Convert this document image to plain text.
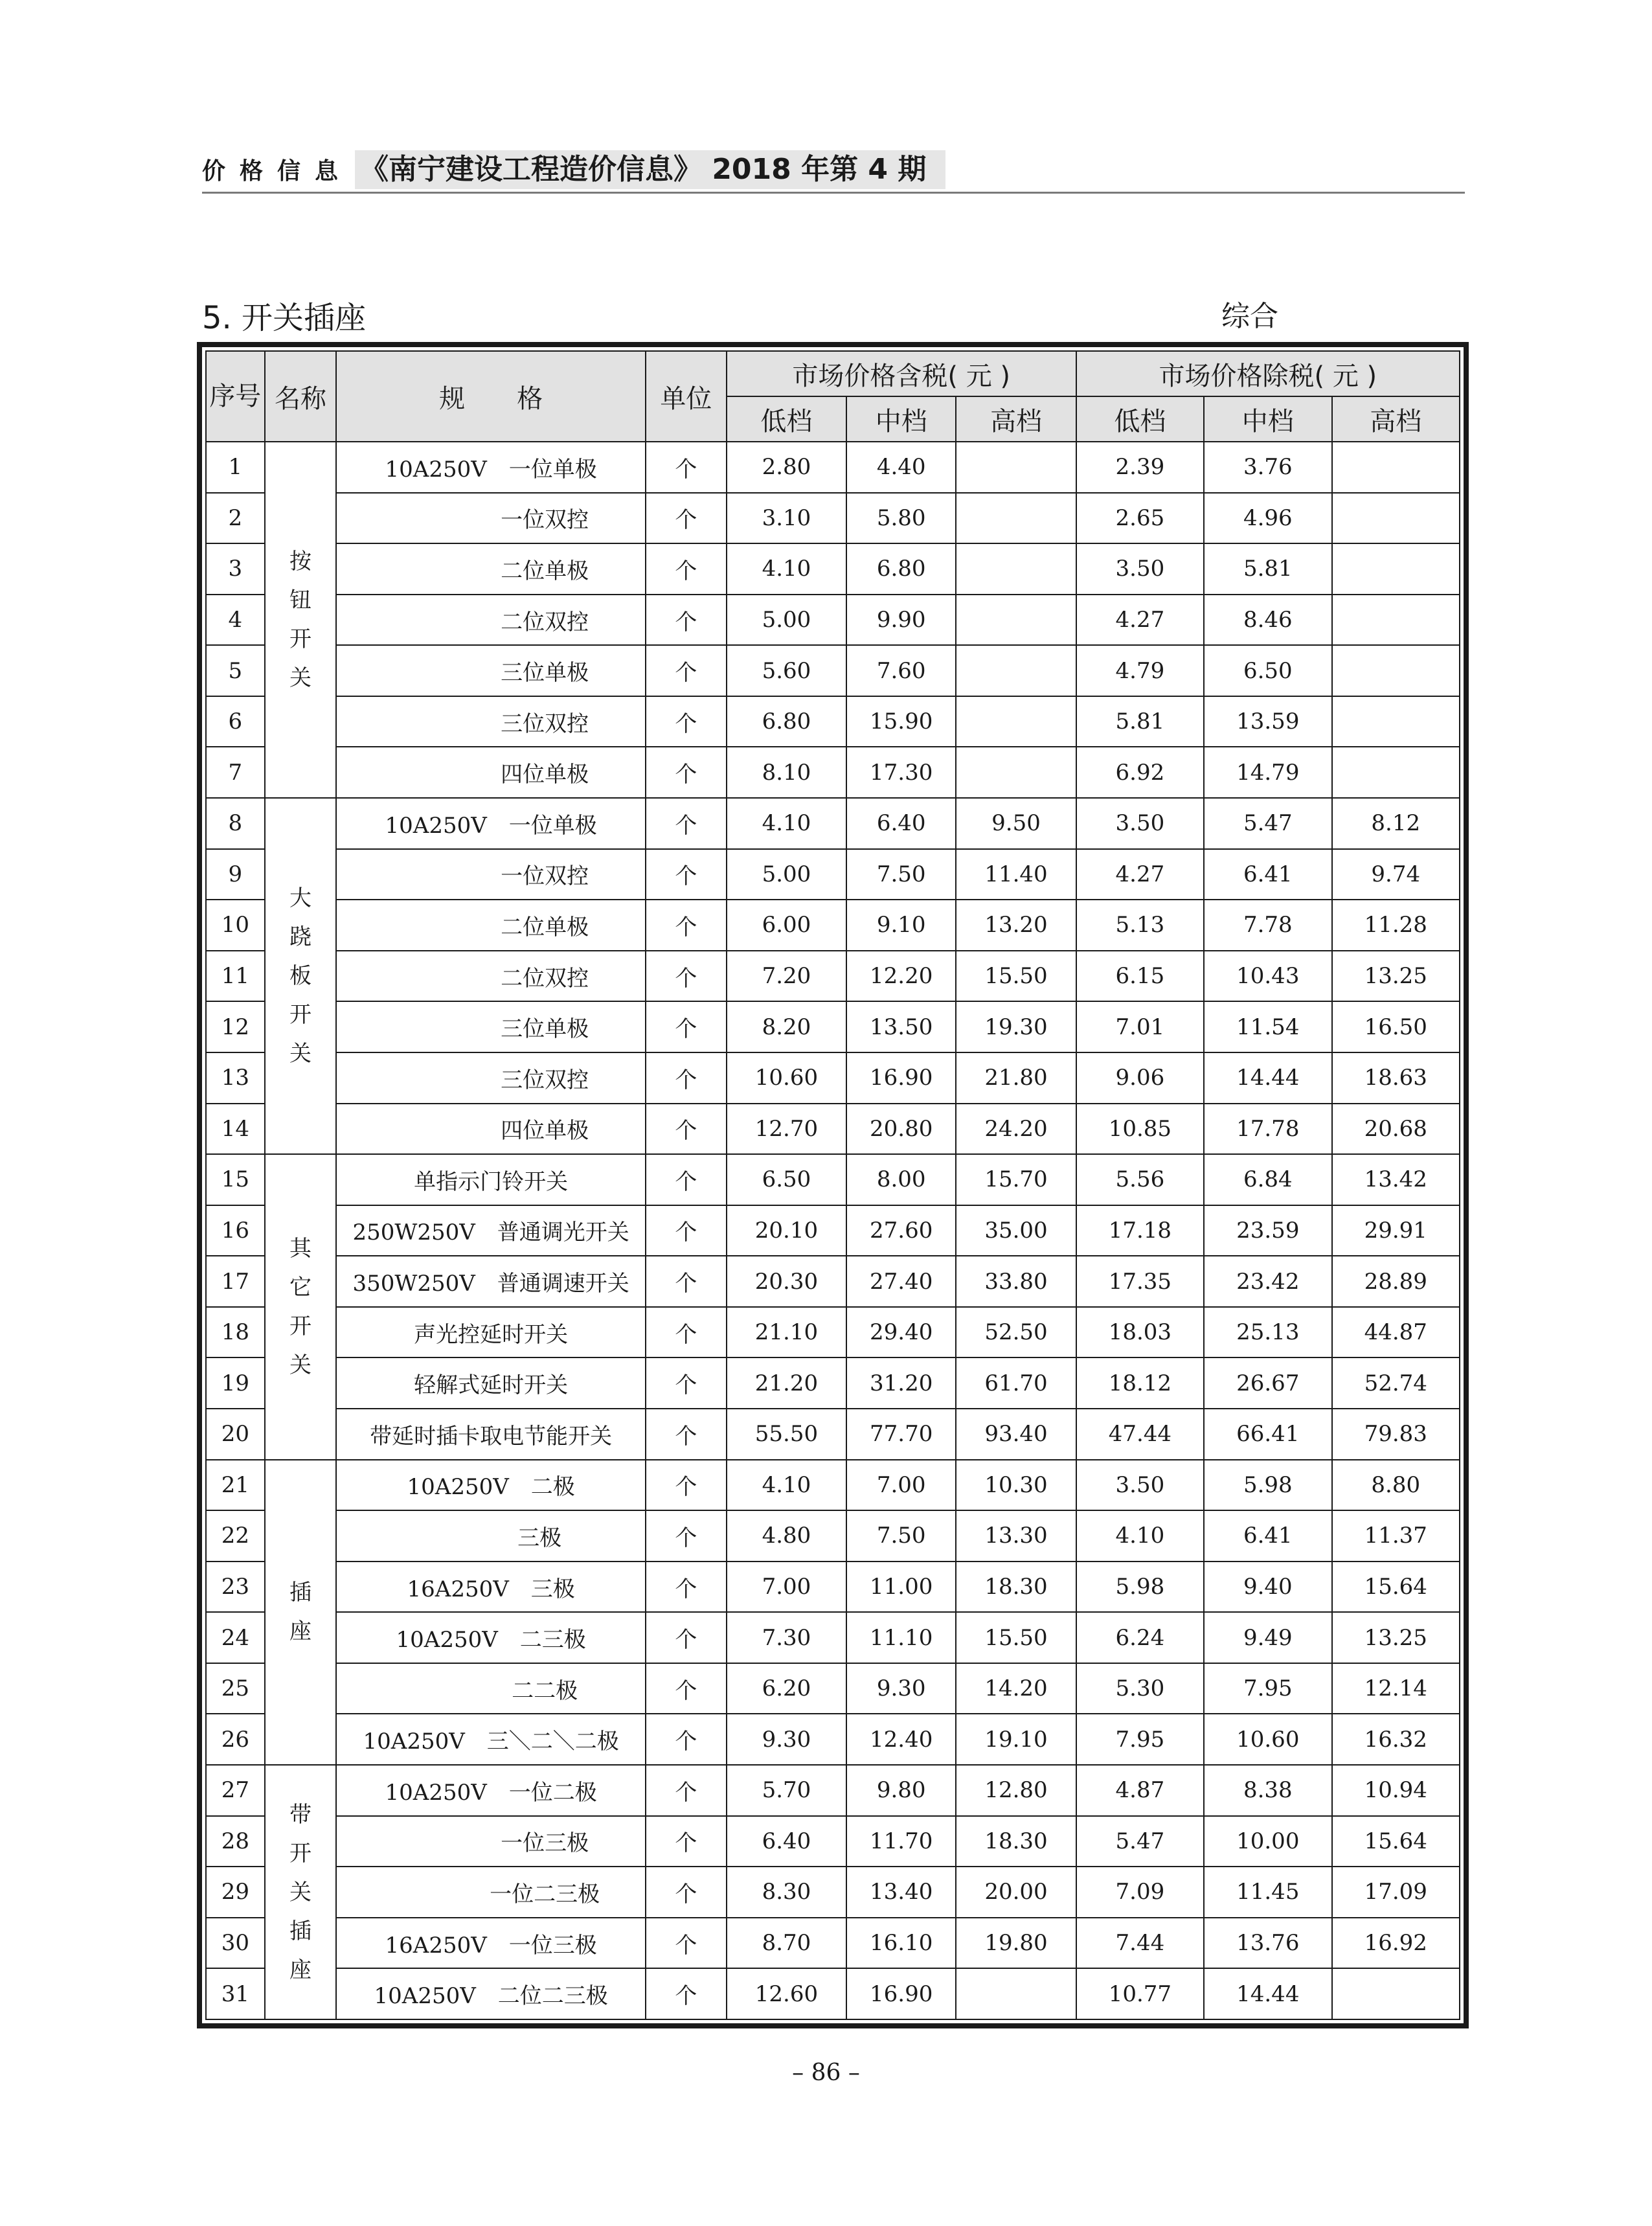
价格信息 《南宁建设工程造价信息》 2018 年第 4 期
5. 开关插座	综合
序号	名称	规　　格	单位	市场价格含税( 元 )			市场价格除税( 元 )		
				低档	中档	高档	低档	中档	高档
1	按钮开关	10A250V 一位单极	个	2.80	4.40		2.39	3.76	
2		一位双控	个	3.10	5.80		2.65	4.96	
3		二位单极	个	4.10	6.80		3.50	5.81	
4		二位双控	个	5.00	9.90		4.27	8.46	
5		三位单极	个	5.60	7.60		4.79	6.50	
6		三位双控	个	6.80	15.90		5.81	13.59	
7		四位单极	个	8.10	17.30		6.92	14.79	
8	大跷板开关	10A250V 一位单极	个	4.10	6.40	9.50	3.50	5.47	8.12
9		一位双控	个	5.00	7.50	11.40	4.27	6.41	9.74
10		二位单极	个	6.00	9.10	13.20	5.13	7.78	11.28
11		二位双控	个	7.20	12.20	15.50	6.15	10.43	13.25
12		三位单极	个	8.20	13.50	19.30	7.01	11.54	16.50
13		三位双控	个	10.60	16.90	21.80	9.06	14.44	18.63
14		四位单极	个	12.70	20.80	24.20	10.85	17.78	20.68
15	其它开关	单指示门铃开关	个	6.50	8.00	15.70	5.56	6.84	13.42
16		250W250V 普通调光开关	个	20.10	27.60	35.00	17.18	23.59	29.91
17		350W250V 普通调速开关	个	20.30	27.40	33.80	17.35	23.42	28.89
18		声光控延时开关	个	21.10	29.40	52.50	18.03	25.13	44.87
19		轻解式延时开关	个	21.20	31.20	61.70	18.12	26.67	52.74
20		带延时插卡取电节能开关	个	55.50	77.70	93.40	47.44	66.41	79.83
21	插座	10A250V 二极	个	4.10	7.00	10.30	3.50	5.98	8.80
22		三极	个	4.80	7.50	13.30	4.10	6.41	11.37
23		16A250V 三极	个	7.00	11.00	18.30	5.98	9.40	15.64
24		10A250V 二三极	个	7.30	11.10	15.50	6.24	9.49	13.25
25		二二极	个	6.20	9.30	14.20	5.30	7.95	12.14
26		10A250V 三＼二＼二极	个	9.30	12.40	19.10	7.95	10.60	16.32
27	带开关插座	10A250V 一位二极	个	5.70	9.80	12.80	4.87	8.38	10.94
28		一位三极	个	6.40	11.70	18.30	5.47	10.00	15.64
29		一位二三极	个	8.30	13.40	20.00	7.09	11.45	17.09
30		16A250V 一位三极	个	8.70	16.10	19.80	7.44	13.76	16.92
31		10A250V 二位二三极	个	12.60	16.90		10.77	14.44	
– 86 –
